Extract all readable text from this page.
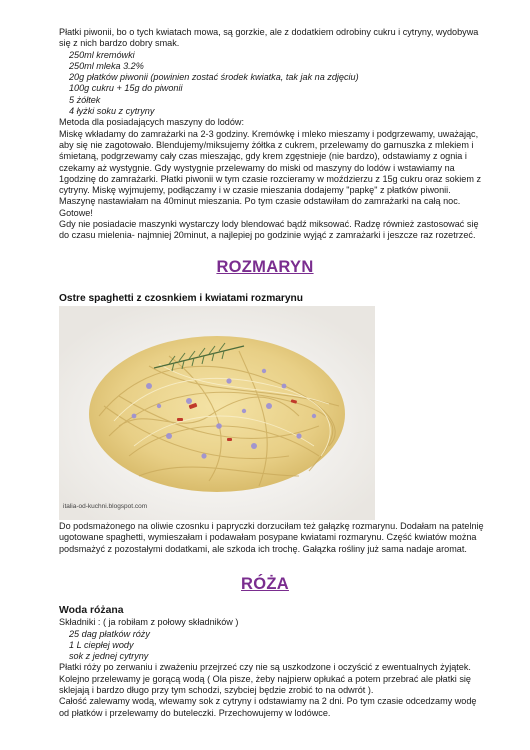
Płatki piwonii, bo o tych kwiatach mowa, są gorzkie, ale z dodatkiem odrobiny cukru i cytryny, wydobywa

się z nich bardzo dobry smak.

250ml kremówki

250ml mleka 3.2%

20g płatków piwonii (powinien zostać środek kwiatka, tak jak na zdjęciu)

100g cukru + 15g do piwonii

5 żółtek

4 łyżki soku z cytryny

Metoda dla posiadających maszyny do lodów:

Miskę wkładamy do zamrażarki na 2-3 godziny. Kremówkę i mleko mieszamy i podgrzewamy, uważając,

aby się nie zagotowało. Blendujemy/miksujemy żółtka z cukrem, przelewamy do garnuszka z mlekiem i

śmietaną, podgrzewamy cały czas mieszając, gdy krem zgęstnieje (nie bardzo), odstawiamy z ognia i

czekamy aż wystygnie. Gdy wystygnie przelewamy do miski od maszyny do lodów i wstawiamy na

1godzinę do zamrażarki. Płatki piwonii w tym czasie rozcieramy w moździerzu z 15g cukru oraz sokiem z

cytryny. Miskę wyjmujemy, podłączamy i w czasie mieszania dodajemy "papkę" z płatków piwonii.

Maszynę nastawiałam na 40minut mieszania. Po tym czasie odstawiłam do zamrażarki na całą noc.

Gotowe!

Gdy nie posiadacie maszynki wystarczy lody blendować bądź miksować. Radzę również zastosować się

do czasu mielenia- najmniej 20minut, a najlepiej po godzinie wyjąć z zamrażarki i jeszcze raz rozetrzeć.

ROZMARYN
Ostre spaghetti z czosnkiem i kwiatami rozmarynu
italia-od-kuchni.blogspot.com

Do podsmażonego na oliwie czosnku i papryczki dorzuciłam też gałązkę rozmarynu. Dodałam na patelnię

ugotowane spaghetti, wymieszałam i podawałam posypane kwiatami rozmarynu. Część kwiatów można

podsmażyć z pozostałymi dodatkami, ale szkoda ich trochę. Gałązka rośliny już sama nadaje aromat.

RÓŻA

Woda różana

Składniki : ( ja robiłam z połowy składników )

25 dag płatków róży

1 L ciepłej wody

sok z jednej cytryny

Płatki róży po zerwaniu i zważeniu przejrzeć czy nie są uszkodzone i oczyścić z ewentualnych żyjątek.

Kolejno przelewamy je gorącą wodą ( Ola pisze, żeby najpierw opłukać a potem przebrać ale płatki się

sklejają i bardzo długo przy tym schodzi, szybciej będzie zrobić to na odwrót ).

Całość zalewamy wodą, wlewamy sok z cytryny i odstawiamy na 2 dni. Po tym czasie odcedzamy wodę

od płatków i przelewamy do buteleczki. Przechowujemy w lodówce.
